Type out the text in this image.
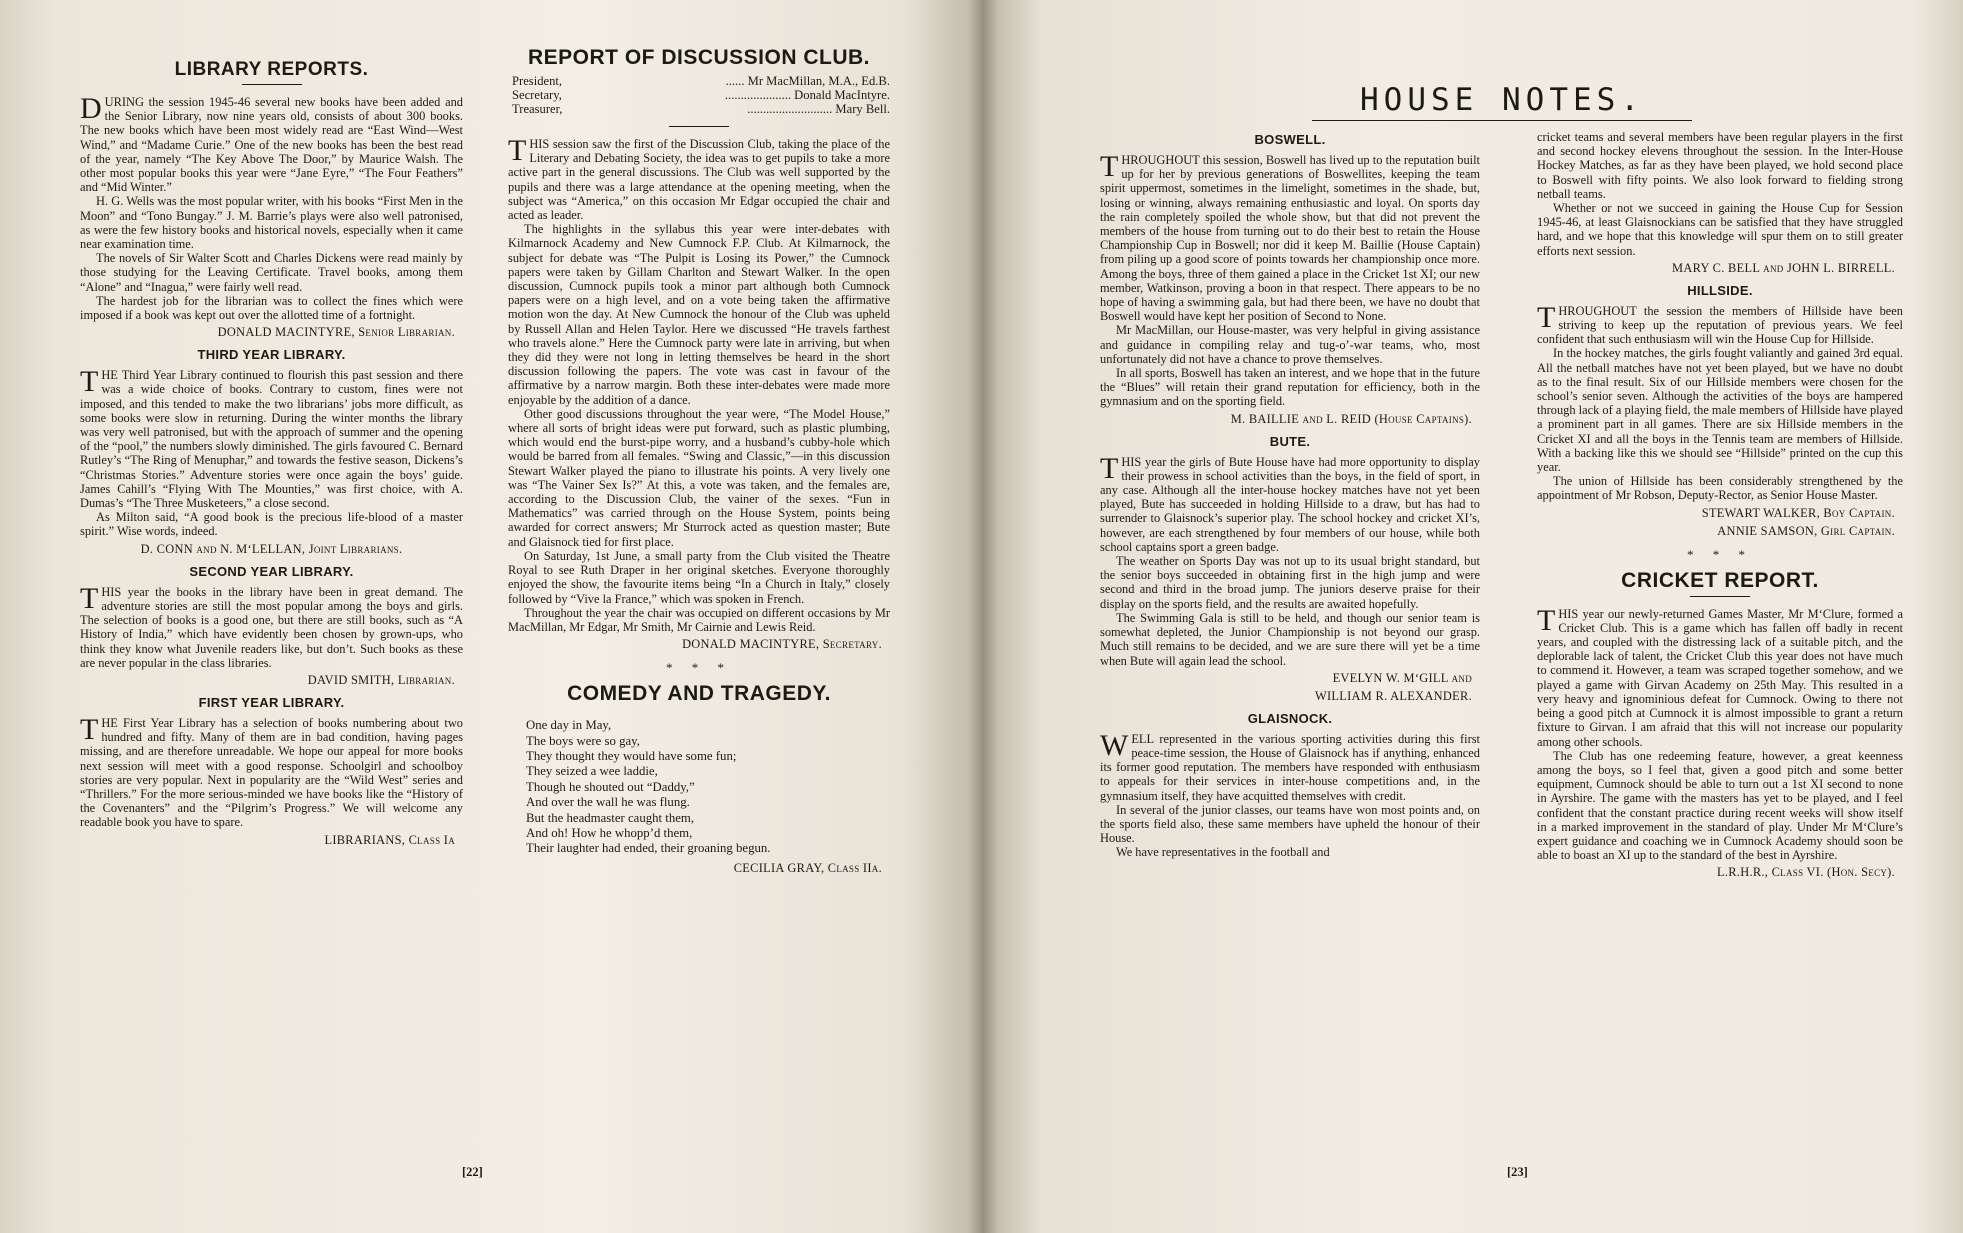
LIBRARY REPORTS.

DURING the session 1945-46 several new books have been added and the Senior Library, now nine years old, consists of about 300 books. The new books which have been most widely read are “East Wind—West Wind,” and “Madame Curie.” One of the new books has been the best read of the year, namely “The Key Above The Door,” by Maurice Walsh. The other most popular books this year were “Jane Eyre,” “The Four Feathers” and “Mid Winter.”

H. G. Wells was the most popular writer, with his books “First Men in the Moon” and “Tono Bungay.” J. M. Barrie’s plays were also well patronised, as were the few history books and historical novels, especially when it came near examination time.

The novels of Sir Walter Scott and Charles Dickens were read mainly by those studying for the Leaving Certificate. Travel books, among them “Alone” and “Inagua,” were fairly well read.

The hardest job for the librarian was to collect the fines which were imposed if a book was kept out over the allotted time of a fortnight.

DONALD MACINTYRE, Senior Librarian.
THIRD YEAR LIBRARY.

THE Third Year Library continued to flourish this past session and there was a wide choice of books. Contrary to custom, fines were not imposed, and this tended to make the two librarians’ jobs more difficult, as some books were slow in returning. During the winter months the library was very well patronised, but with the approach of summer and the opening of the “pool,” the numbers slowly diminished. The girls favoured C. Bernard Rutley’s “The Ring of Menuphar,” and towards the festive season, Dickens’s “Christmas Stories.” Adventure stories were once again the boys’ guide. James Cahill’s “Flying With The Mounties,” was first choice, with A. Dumas’s “The Three Musketeers,” a close second.

As Milton said, “A good book is the precious life-blood of a master spirit.” Wise words, indeed.

D. CONN and N. M‘LELLAN, Joint Librarians.
SECOND YEAR LIBRARY.

THIS year the books in the library have been in great demand. The adventure stories are still the most popular among the boys and girls. The selection of books is a good one, but there are still books, such as “A History of India,” which have evidently been chosen by grown-ups, who think they know what Juvenile readers like, but don’t. Such books as these are never popular in the class libraries.

DAVID SMITH, Librarian.
FIRST YEAR LIBRARY.

THE First Year Library has a selection of books numbering about two hundred and fifty. Many of them are in bad condition, having pages missing, and are therefore unreadable. We hope our appeal for more books next session will meet with a good response. Schoolgirl and schoolboy stories are very popular. Next in popularity are the “Wild West” series and “Thrillers.” For the more serious-minded we have books like the “History of the Covenanters” and the “Pilgrim’s Progress.” We will welcome any readable book you have to spare.

LIBRARIANS, Class Ia
REPORT OF DISCUSSION CLUB.
President,	...... Mr MacMillan, M.A., Ed.B.
Secretary,	..................... Donald MacIntyre.
Treasurer,	........................... Mary Bell.

THIS session saw the first of the Discussion Club, taking the place of the Literary and Debating Society, the idea was to get pupils to take a more active part in the general discussions. The Club was well supported by the pupils and there was a large attendance at the opening meeting, when the subject was “America,” on this occasion Mr Edgar occupied the chair and acted as leader.

The highlights in the syllabus this year were inter-debates with Kilmarnock Academy and New Cumnock F.P. Club. At Kilmarnock, the subject for debate was “The Pulpit is Losing its Power,” the Cumnock papers were taken by Gillam Charlton and Stewart Walker. In the open discussion, Cumnock pupils took a minor part although both Cumnock papers were on a high level, and on a vote being taken the affirmative motion won the day. At New Cumnock the honour of the Club was upheld by Russell Allan and Helen Taylor. Here we discussed “He travels farthest who travels alone.” Here the Cumnock party were late in arriving, but when they did they were not long in letting themselves be heard in the short discussion following the papers. The vote was cast in favour of the affirmative by a narrow margin. Both these inter-debates were made more enjoyable by the addition of a dance.

Other good discussions throughout the year were, “The Model House,” where all sorts of bright ideas were put forward, such as plastic plumbing, which would end the burst-pipe worry, and a husband’s cubby-hole which would be barred from all females. “Swing and Classic,”—in this discussion Stewart Walker played the piano to illustrate his points. A very lively one was “The Vainer Sex Is?” At this, a vote was taken, and the females are, according to the Discussion Club, the vainer of the sexes. “Fun in Mathematics” was carried through on the House System, points being awarded for correct answers; Mr Sturrock acted as question master; Bute and Glaisnock tied for first place.

On Saturday, 1st June, a small party from the Club visited the Theatre Royal to see Ruth Draper in her original sketches. Everyone thoroughly enjoyed the show, the favourite items being “In a Church in Italy,” closely followed by “Vive la France,” which was spoken in French.

Throughout the year the chair was occupied on different occasions by Mr MacMillan, Mr Edgar, Mr Smith, Mr Cairnie and Lewis Reid.

DONALD MACINTYRE, Secretary.
* * *
COMEDY AND TRAGEDY.
One day in May,
The boys were so gay,
They thought they would have some fun;
They seized a wee laddie,
Though he shouted out “Daddy,”
And over the wall he was flung.
But the headmaster caught them,
And oh! How he whopp’d them,
Their laughter had ended, their groaning begun.
CECILIA GRAY, Class IIa.
[22]
HOUSE NOTES.
BOSWELL.

THROUGHOUT this session, Boswell has lived up to the reputation built up for her by previous generations of Boswellites, keeping the team spirit uppermost, sometimes in the limelight, sometimes in the shade, but, losing or winning, always remaining enthusiastic and loyal. On sports day the rain completely spoiled the whole show, but that did not prevent the members of the house from turning out to do their best to retain the House Championship Cup in Boswell; nor did it keep M. Baillie (House Captain) from piling up a good score of points towards her championship once more. Among the boys, three of them gained a place in the Cricket 1st XI; our new member, Watkinson, proving a boon in that respect. There appears to be no hope of having a swimming gala, but had there been, we have no doubt that Boswell would have kept her position of Second to None.

Mr MacMillan, our House-master, was very helpful in giving assistance and guidance in compiling relay and tug-o’-war teams, who, most unfortunately did not have a chance to prove themselves.

In all sports, Boswell has taken an interest, and we hope that in the future the “Blues” will retain their grand reputation for efficiency, both in the gymnasium and on the sporting field.

M. BAILLIE and L. REID (House Captains).
BUTE.

THIS year the girls of Bute House have had more opportunity to display their prowess in school activities than the boys, in the field of sport, in any case. Although all the inter-house hockey matches have not yet been played, Bute has succeeded in holding Hillside to a draw, but has had to surrender to Glaisnock’s superior play. The school hockey and cricket XI’s, however, are each strengthened by four members of our house, while both school captains sport a green badge.

The weather on Sports Day was not up to its usual bright standard, but the senior boys succeeded in obtaining first in the high jump and were second and third in the broad jump. The juniors deserve praise for their display on the sports field, and the results are awaited hopefully.

The Swimming Gala is still to be held, and though our senior team is somewhat depleted, the Junior Championship is not beyond our grasp. Much still remains to be decided, and we are sure there will yet be a time when Bute will again lead the school.

EVELYN W. M‘GILL and
WILLIAM R. ALEXANDER.
GLAISNOCK.

WELL represented in the various sporting activities during this first peace-time session, the House of Glaisnock has if anything, enhanced its former good reputation. The members have responded with enthusiasm to appeals for their services in inter-house competitions and, in the gymnasium itself, they have acquitted themselves with credit.

In several of the junior classes, our teams have won most points and, on the sports field also, these same members have upheld the honour of their House.

We have representatives in the football and

cricket teams and several members have been regular players in the first and second hockey elevens throughout the session. In the Inter-House Hockey Matches, as far as they have been played, we hold second place to Boswell with fifty points. We also look forward to fielding strong netball teams.

Whether or not we succeed in gaining the House Cup for Session 1945-46, at least Glaisnockians can be satisfied that they have struggled hard, and we hope that this knowledge will spur them on to still greater efforts next session.

MARY C. BELL and JOHN L. BIRRELL.
HILLSIDE.

THROUGHOUT the session the members of Hillside have been striving to keep up the reputation of previous years. We feel confident that such enthusiasm will win the House Cup for Hillside.

In the hockey matches, the girls fought valiantly and gained 3rd equal. All the netball matches have not yet been played, but we have no doubt as to the final result. Six of our Hillside members were chosen for the school’s senior seven. Although the activities of the boys are hampered through lack of a playing field, the male members of Hillside have played a prominent part in all games. There are six Hillside members in the Cricket XI and all the boys in the Tennis team are members of Hillside. With a backing like this we should see “Hillside” printed on the cup this year.

The union of Hillside has been considerably strengthened by the appointment of Mr Robson, Deputy-Rector, as Senior House Master.

STEWART WALKER, Boy Captain.
ANNIE SAMSON, Girl Captain.
* * *
CRICKET REPORT.

THIS year our newly-returned Games Master, Mr M‘Clure, formed a Cricket Club. This is a game which has fallen off badly in recent years, and coupled with the distressing lack of a suitable pitch, and the deplorable lack of talent, the Cricket Club this year does not have much to commend it. However, a team was scraped together somehow, and we played a game with Girvan Academy on 25th May. This resulted in a very heavy and ignominious defeat for Cumnock. Owing to there not being a good pitch at Cumnock it is almost impossible to grant a return fixture to Girvan. I am afraid that this will not increase our popularity among other schools.

The Club has one redeeming feature, however, a great keenness among the boys, so I feel that, given a good pitch and some better equipment, Cumnock should be able to turn out a 1st XI second to none in Ayrshire. The game with the masters has yet to be played, and I feel confident that the constant practice during recent weeks will show itself in a marked improvement in the standard of play. Under Mr M‘Clure’s expert guidance and coaching we in Cumnock Academy should soon be able to boast an XI up to the standard of the best in Ayrshire.

L.R.H.R., Class VI. (Hon. Secy).
[23]
